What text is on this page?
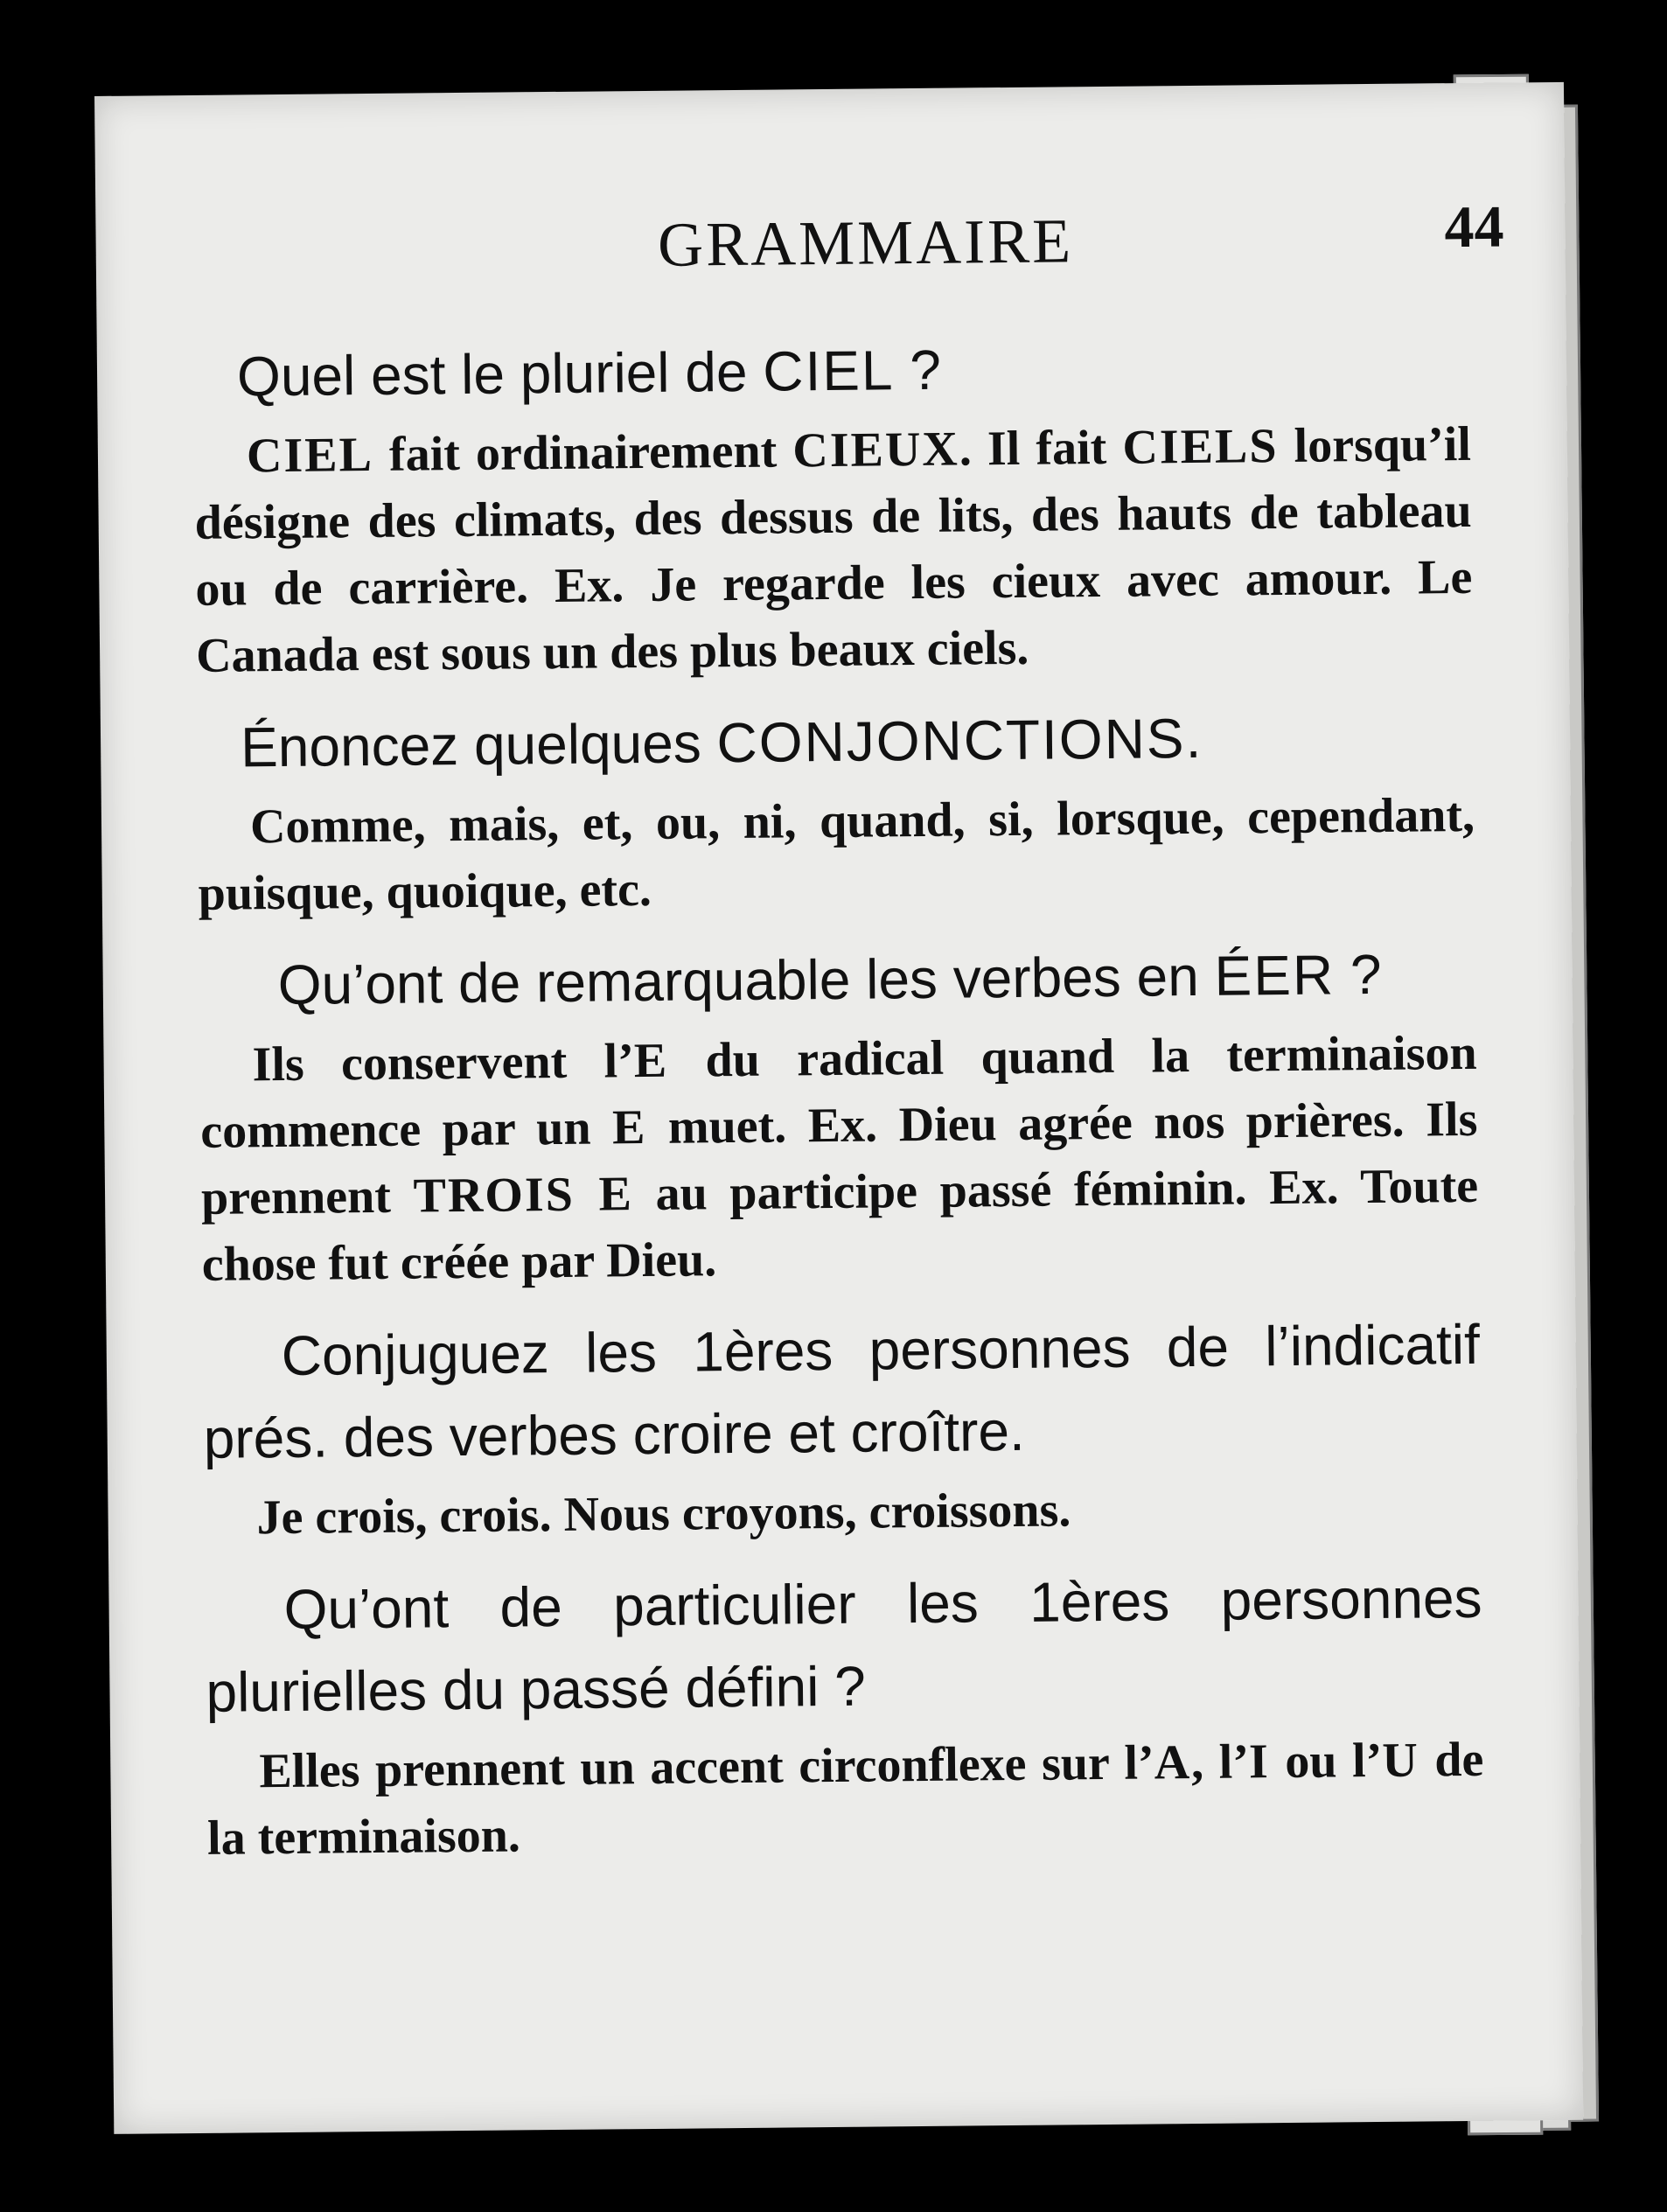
GRAMMAIRE	44

Quel est le pluriel de CIEL ?

CIEL fait ordinairement CIEUX. Il fait CIELS lorsqu’il désigne des climats, des dessus de lits, des hauts de tableau ou de carrière. Ex. Je regarde les cieux avec amour. Le Canada est sous un des plus beaux ciels.

Énoncez quelques CONJONCTIONS.

Comme, mais, et, ou, ni, quand, si, lorsque, cependant, puisque, quoique, etc.

Qu’ont de remarquable les verbes en ÉER ?

Ils conservent l’E du radical quand la terminaison commence par un E muet. Ex. Dieu agrée nos prières. Ils prennent TROIS E au participe passé féminin. Ex. Toute chose fut créée par Dieu.

Conjuguez les 1ères personnes de l’indicatif prés. des verbes croire et croître.

Je crois, crois. Nous croyons, croissons.

Qu’ont de particulier les 1ères personnes plurielles du passé défini ?

Elles prennent un accent circonflexe sur l’A, l’I ou l’U de la terminaison.
